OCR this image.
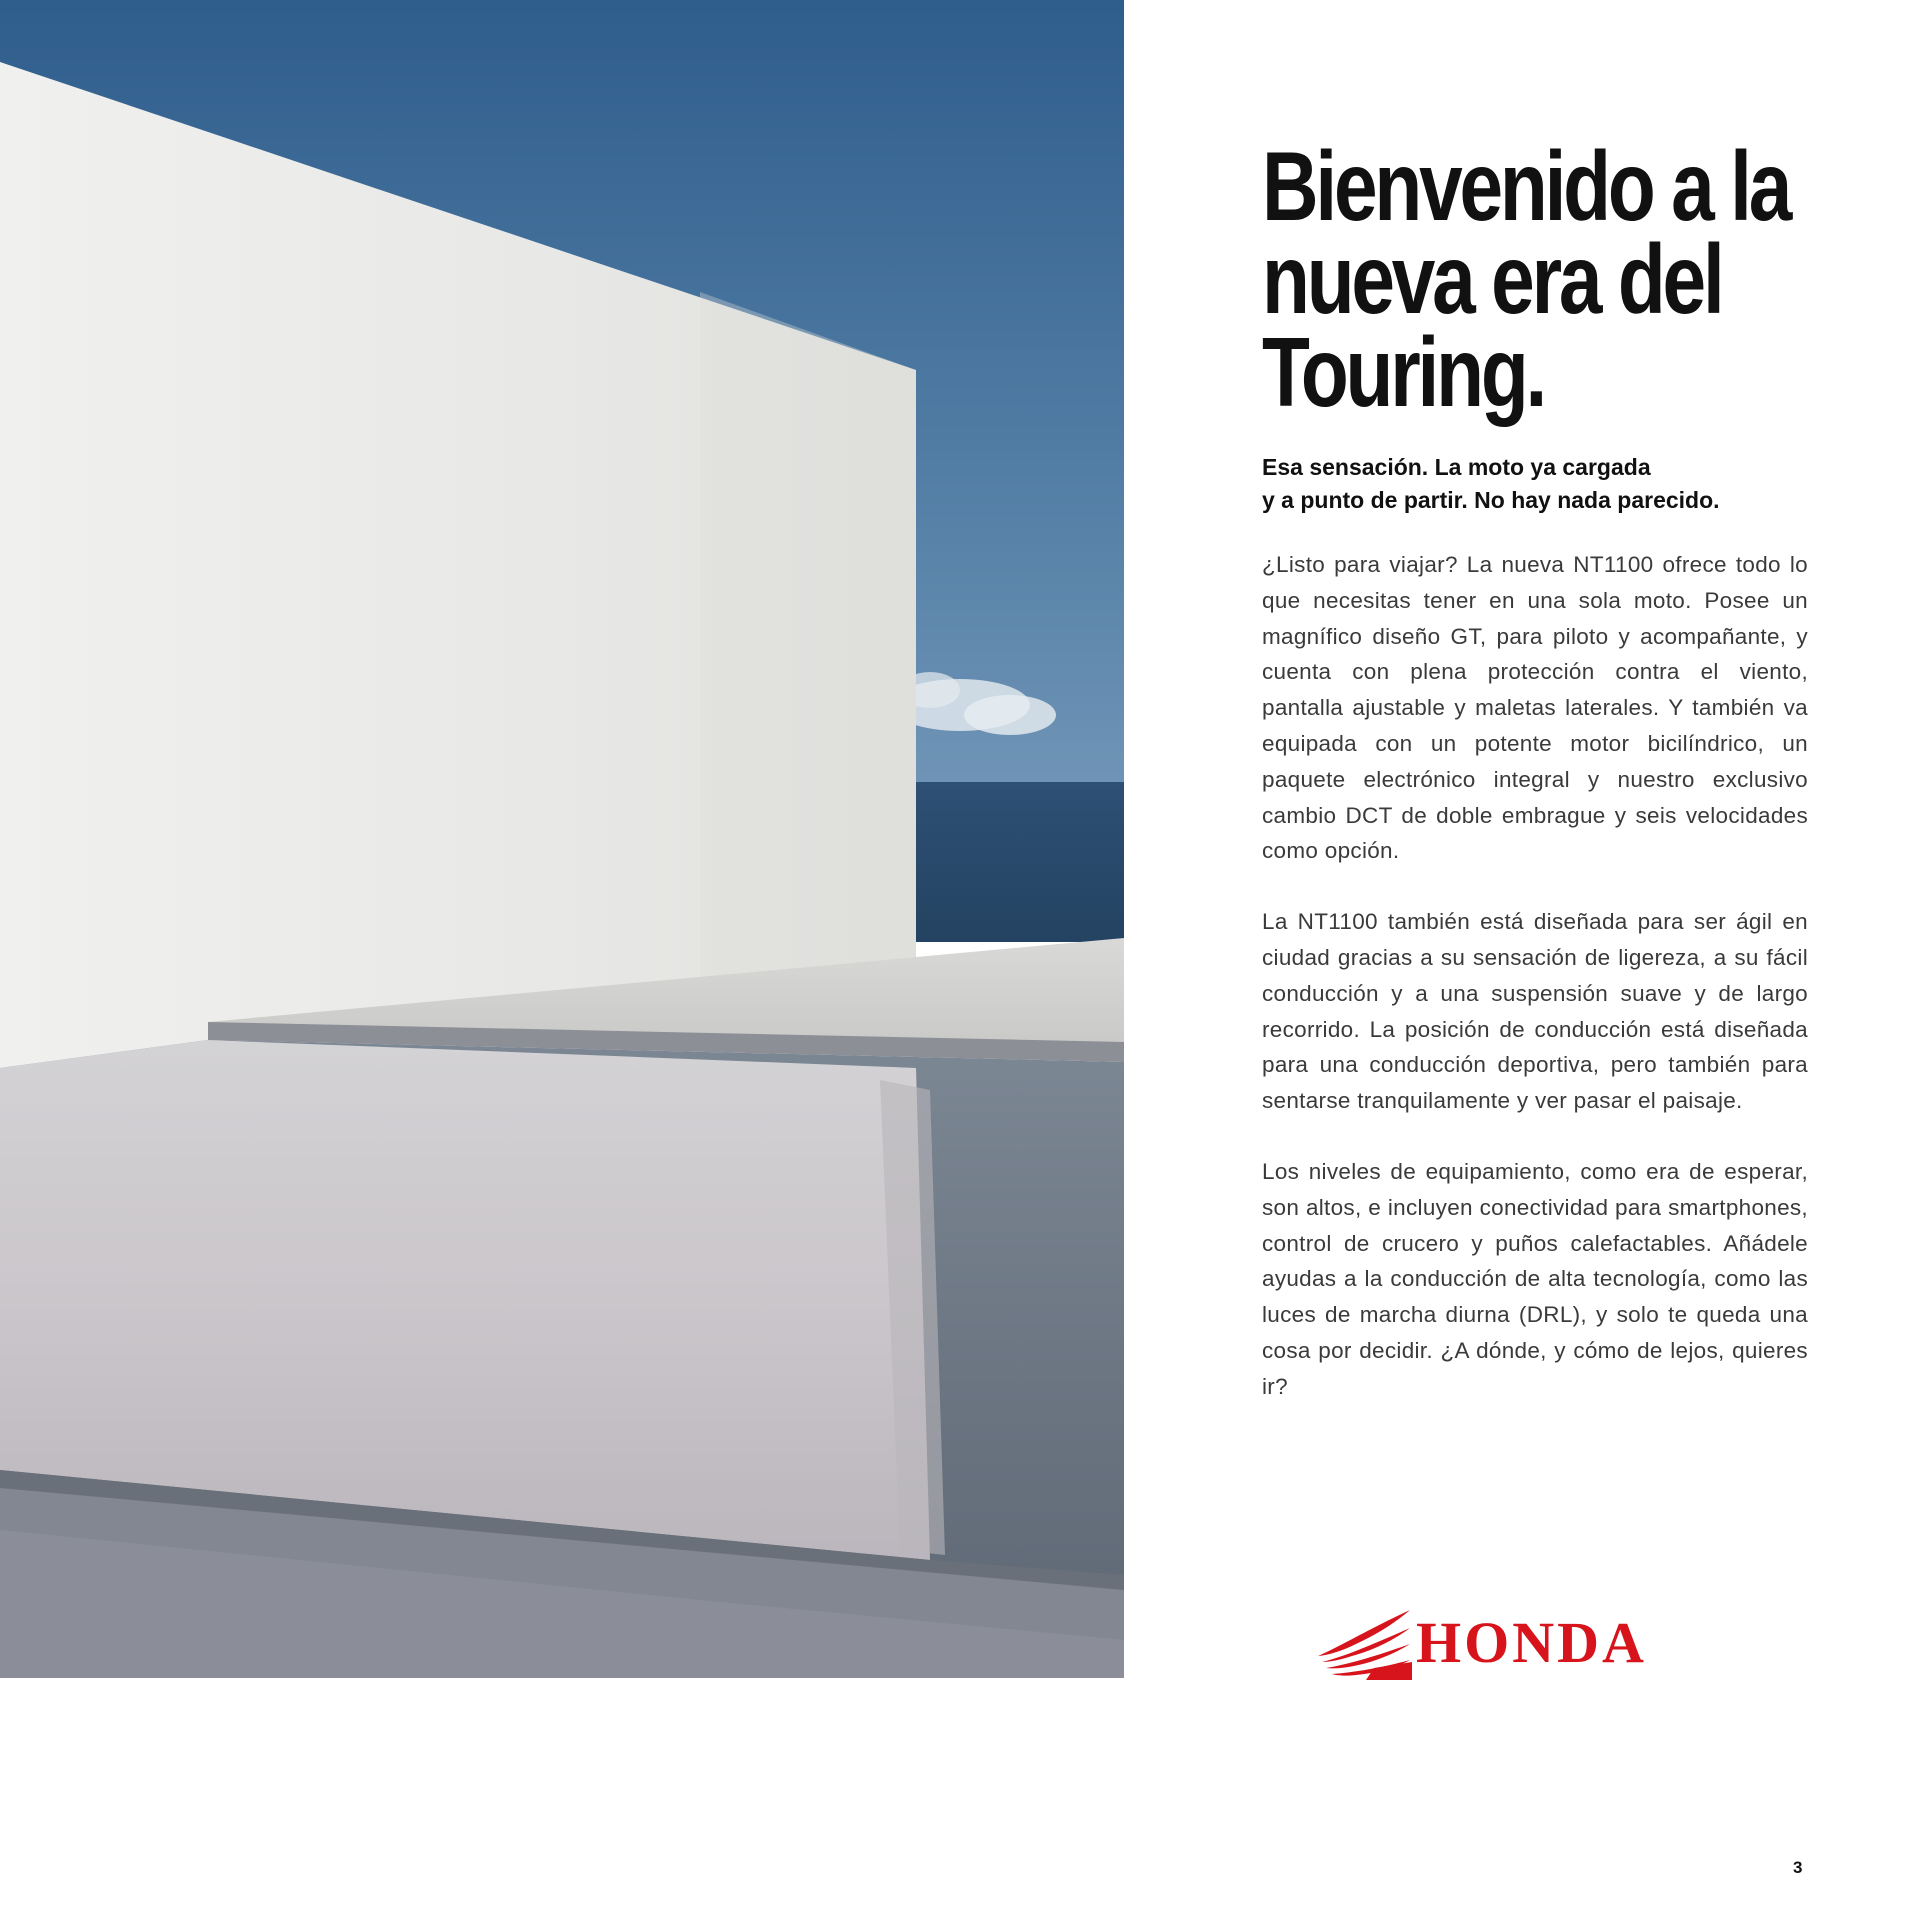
Bienvenido a la
nueva era del
Touring.

Esa sensación. La moto ya cargada
y a punto de partir. No hay nada parecido.

¿Listo para viajar? La nueva NT1100 ofrece todo lo que necesitas tener en una sola moto. Posee un magnífico diseño GT, para piloto y acompañante, y cuenta con plena protección contra el viento, pantalla ajustable y maletas laterales. Y también va equipada con un potente motor bicilíndrico, un paquete electrónico integral y nuestro exclusivo cambio DCT de doble embrague y seis velocidades como opción.

La NT1100 también está diseñada para ser ágil en ciudad gracias a su sensación de ligereza, a su fácil conducción y a una suspensión suave y de largo recorrido. La posición de conducción está diseñada para una conducción deportiva, pero también para sentarse tranquilamente y ver pasar el paisaje.

Los niveles de equipamiento, como era de esperar, son altos, e incluyen conectividad para smartphones, control de crucero y puños calefactables. Añádele ayudas a la conducción de alta tecnología, como las luces de marcha diurna (DRL), y solo te queda una cosa por decidir. ¿A dónde, y cómo de lejos, quieres ir?

HONDA
3
